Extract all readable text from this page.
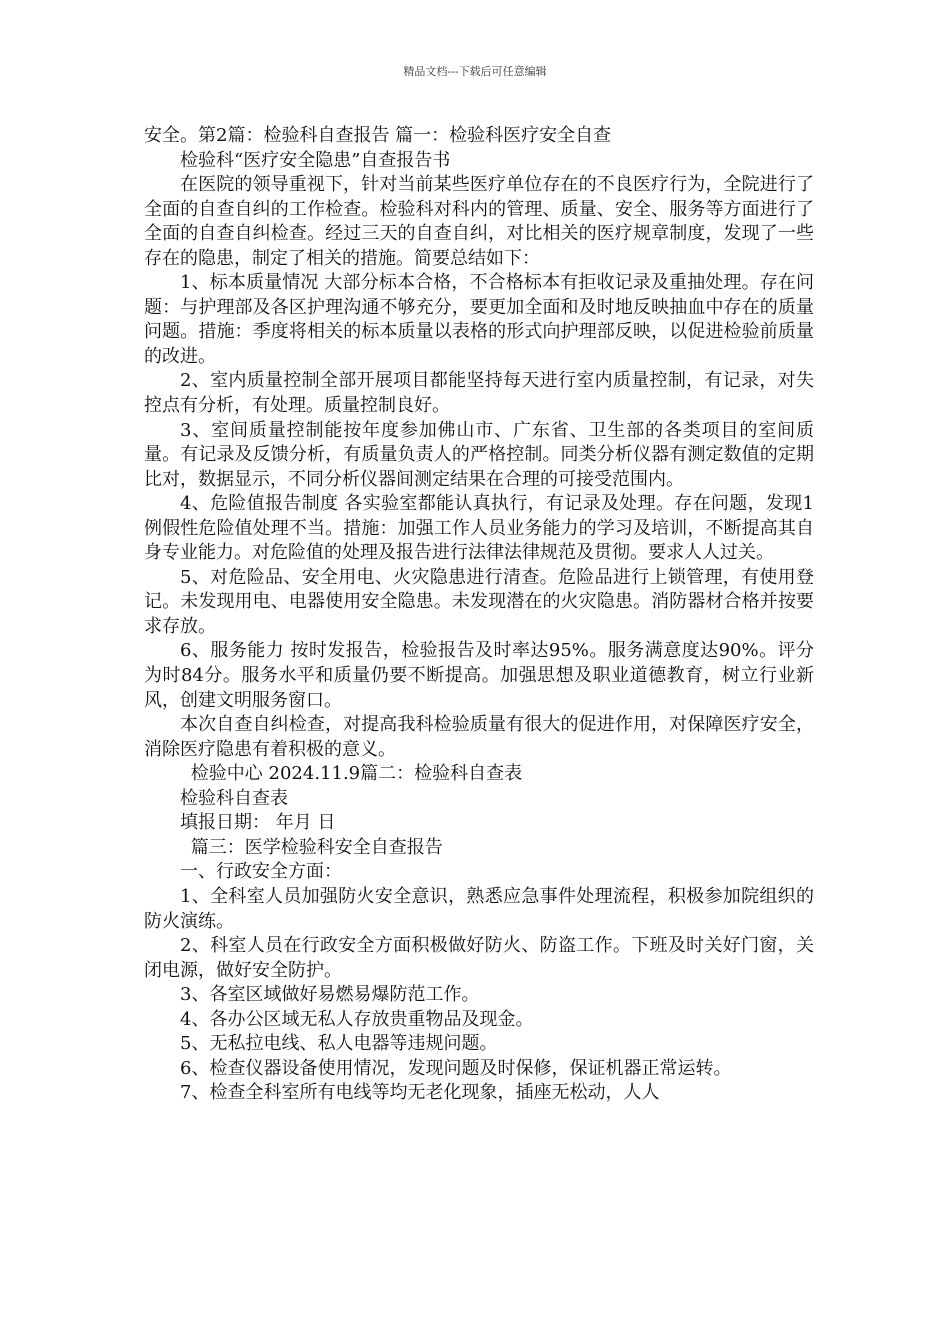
精品文档---下载后可任意编辑

安全。第2篇：检验科自查报告 篇一：检验科医疗安全自查

检验科“医疗安全隐患”自查报告书

在医院的领导重视下，针对当前某些医疗单位存在的不良医疗行为，全院进行了全面的自查自纠的工作检查。检验科对科内的管理、质量、安全、服务等方面进行了全面的自查自纠检查。经过三天的自查自纠，对比相关的医疗规章制度，发现了一些存在的隐患，制定了相关的措施。简要总结如下：

1、标本质量情况 大部分标本合格，不合格标本有拒收记录及重抽处理。存在问题：与护理部及各区护理沟通不够充分，要更加全面和及时地反映抽血中存在的质量问题。措施：季度将相关的标本质量以表格的形式向护理部反映，以促进检验前质量的改进。

2、室内质量控制全部开展项目都能坚持每天进行室内质量控制，有记录，对失控点有分析，有处理。质量控制良好。

3、室间质量控制能按年度参加佛山市、广东省、卫生部的各类项目的室间质量。有记录及反馈分析，有质量负责人的严格控制。同类分析仪器有测定数值的定期比对，数据显示，不同分析仪器间测定结果在合理的可接受范围内。

4、危险值报告制度 各实验室都能认真执行，有记录及处理。存在问题，发现1例假性危险值处理不当。措施：加强工作人员业务能力的学习及培训，不断提高其自身专业能力。对危险值的处理及报告进行法律法律规范及贯彻。要求人人过关。

5、对危险品、安全用电、火灾隐患进行清查。危险品进行上锁管理，有使用登记。未发现用电、电器使用安全隐患。未发现潜在的火灾隐患。消防器材合格并按要求存放。

6、服务能力 按时发报告，检验报告及时率达95%。服务满意度达90%。评分为时84分。服务水平和质量仍要不断提高。加强思想及职业道德教育，树立行业新风，创建文明服务窗口。

本次自查自纠检查，对提高我科检验质量有很大的促进作用，对保障医疗安全，消除医疗隐患有着积极的意义。

检验中心 2024.11.9篇二：检验科自查表

检验科自查表

填报日期： 年月 日

篇三：医学检验科安全自查报告

一、行政安全方面：

1、全科室人员加强防火安全意识，熟悉应急事件处理流程，积极参加院组织的防火演练。

2、科室人员在行政安全方面积极做好防火、防盗工作。下班及时关好门窗，关闭电源，做好安全防护。

3、各室区域做好易燃易爆防范工作。

4、各办公区域无私人存放贵重物品及现金。

5、无私拉电线、私人电器等违规问题。

6、检查仪器设备使用情况，发现问题及时保修，保证机器正常运转。

7、检查全科室所有电线等均无老化现象，插座无松动，人人
